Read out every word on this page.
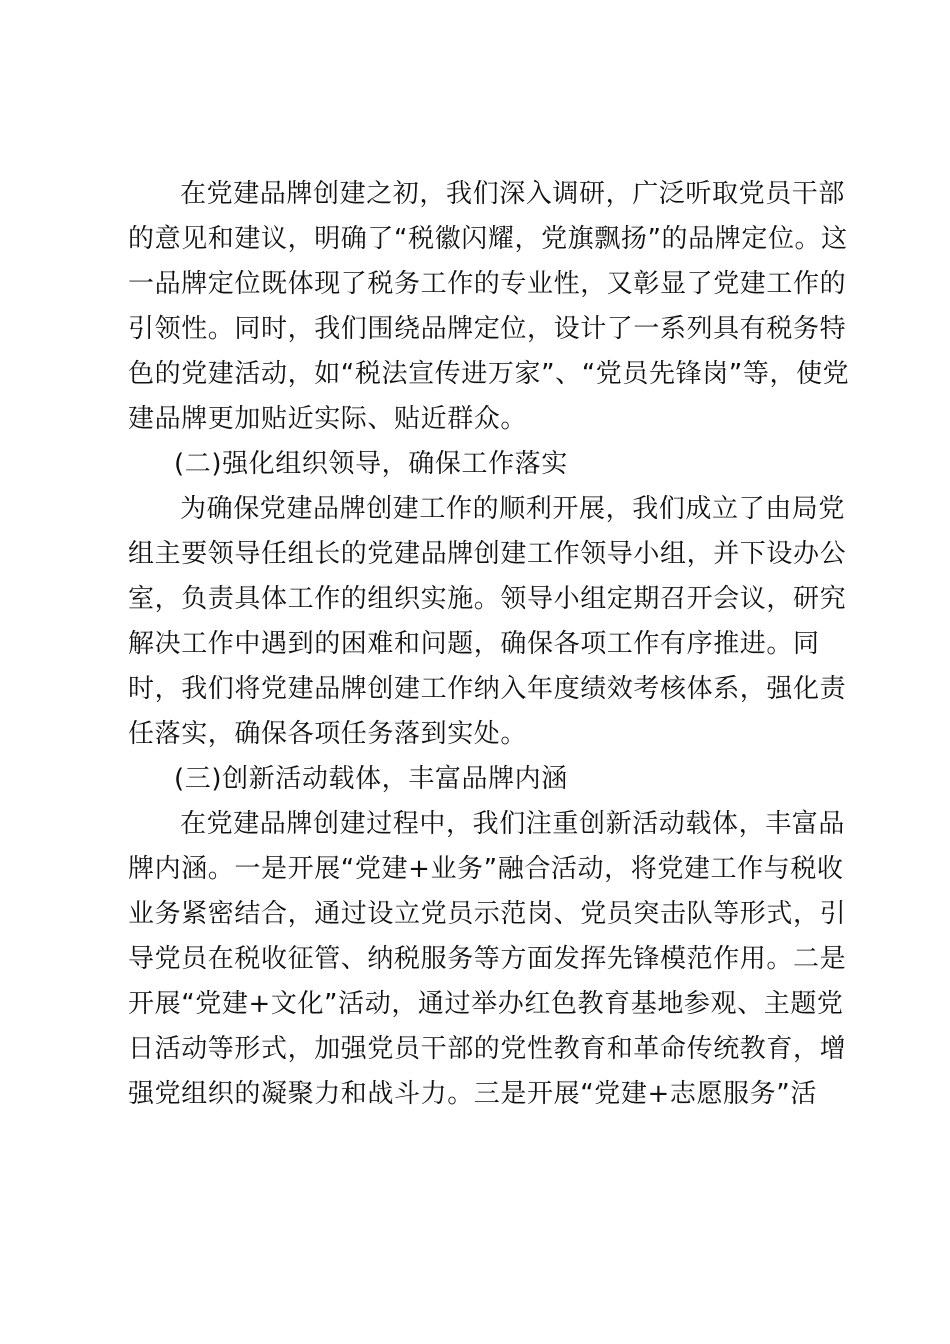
在党建品牌创建之初，我们深入调研，广泛听取党员干部
的意见和建议，明确了“税徽闪耀，党旗飘扬”的品牌定位。这
一品牌定位既体现了税务工作的专业性，又彰显了党建工作的
引领性。同时，我们围绕品牌定位，设计了一系列具有税务特
色的党建活动，如“税法宣传进万家”、“党员先锋岗”等，使党
建品牌更加贴近实际、贴近群众。

(二)强化组织领导，确保工作落实

为确保党建品牌创建工作的顺利开展，我们成立了由局党
组主要领导任组长的党建品牌创建工作领导小组，并下设办公
室，负责具体工作的组织实施。领导小组定期召开会议，研究
解决工作中遇到的困难和问题，确保各项工作有序推进。同
时，我们将党建品牌创建工作纳入年度绩效考核体系，强化责
任落实，确保各项任务落到实处。

(三)创新活动载体，丰富品牌内涵

在党建品牌创建过程中，我们注重创新活动载体，丰富品
牌内涵。一是开展“党建+业务”融合活动，将党建工作与税收
业务紧密结合，通过设立党员示范岗、党员突击队等形式，引
导党员在税收征管、纳税服务等方面发挥先锋模范作用。二是
开展“党建+文化”活动，通过举办红色教育基地参观、主题党
日活动等形式，加强党员干部的党性教育和革命传统教育，增
强党组织的凝聚力和战斗力。三是开展“党建+志愿服务”活
